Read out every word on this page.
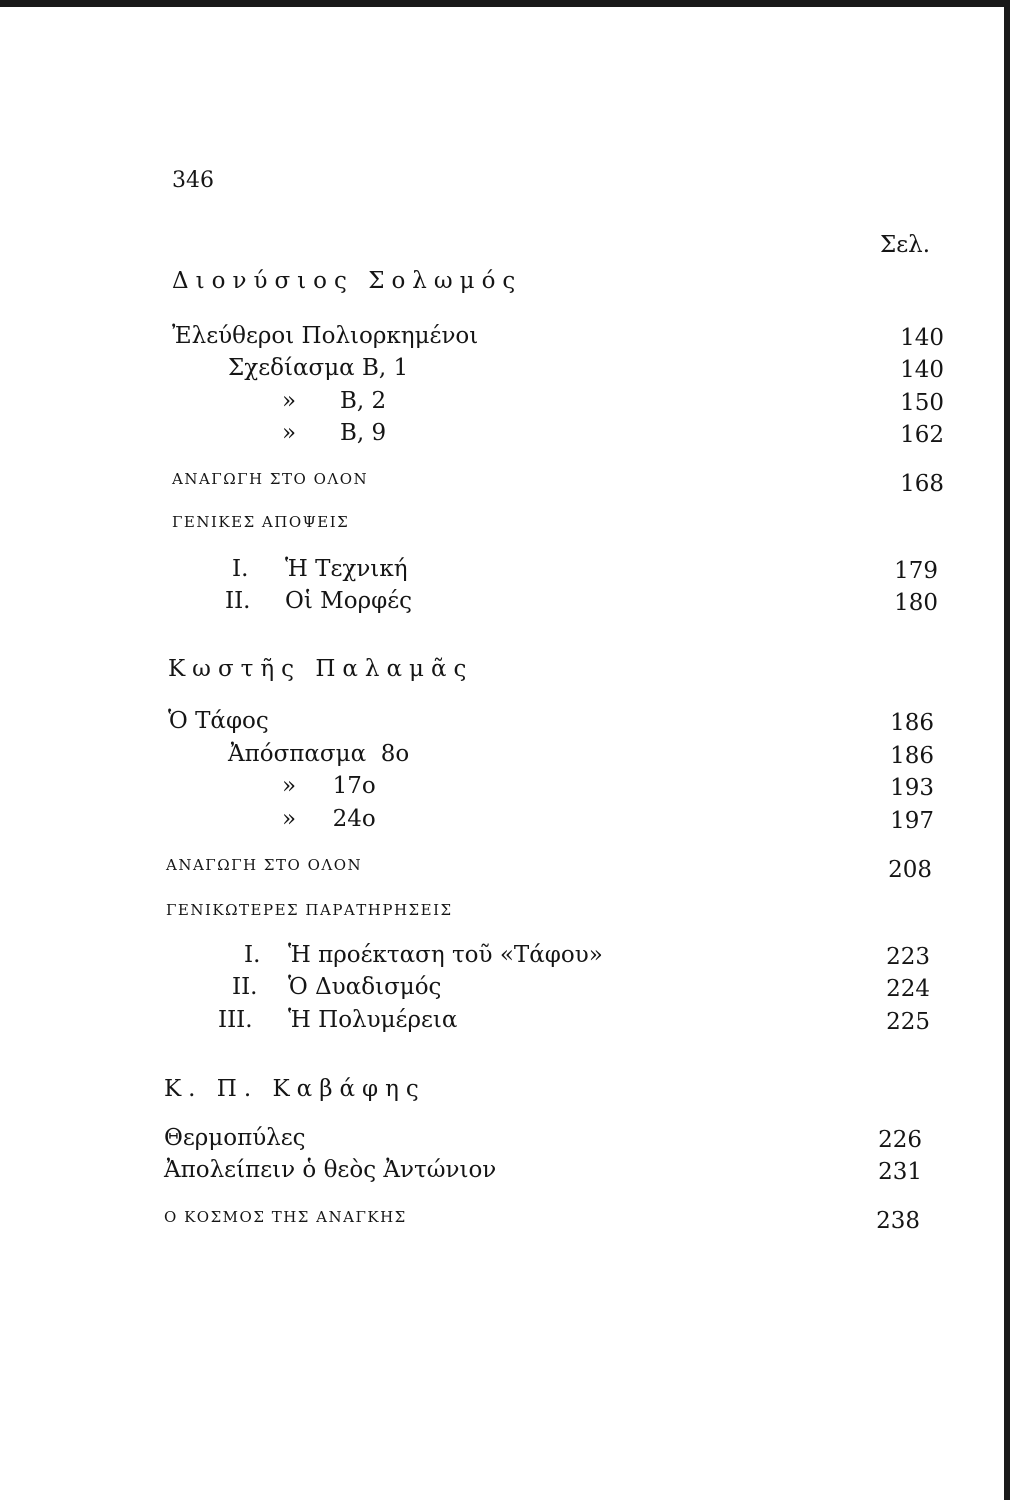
346
Σελ.
Διονύσιος Σολωμός
Ἐλεύθεροι Πολιορκημένοι	140
Σχεδίασμα Β, 1	140
»      Β, 2	150
»      Β, 9	162
ΑΝΑΓΩΓΗ ΣΤΟ ΟΛΟΝ	168
ΓΕΝΙΚΕΣ ΑΠΟΨΕΙΣ
I. Ἡ Τεχνική	179
II. Οἱ Μορφές	180
Κωστῆς Παλαμᾶς
Ὁ Τάφος	186
Ἀπόσπασμα  8ο	186
»     17ο	193
»     24ο	197
ΑΝΑΓΩΓΗ ΣΤΟ ΟΛΟΝ	208
ΓΕΝΙΚΩΤΕΡΕΣ ΠΑΡΑΤΗΡΗΣΕΙΣ
I. Ἡ προέκταση τοῦ «Τάφου»	223
II. Ὁ Δυαδισμός	224
III. Ἡ Πολυμέρεια	225
Κ. Π. Καβάφης
Θερμοπύλες	226
Ἀπολείπειν ὁ θεὸς Ἀντώνιον	231
Ο ΚΟΣΜΟΣ ΤΗΣ ΑΝΑΓΚΗΣ	238
